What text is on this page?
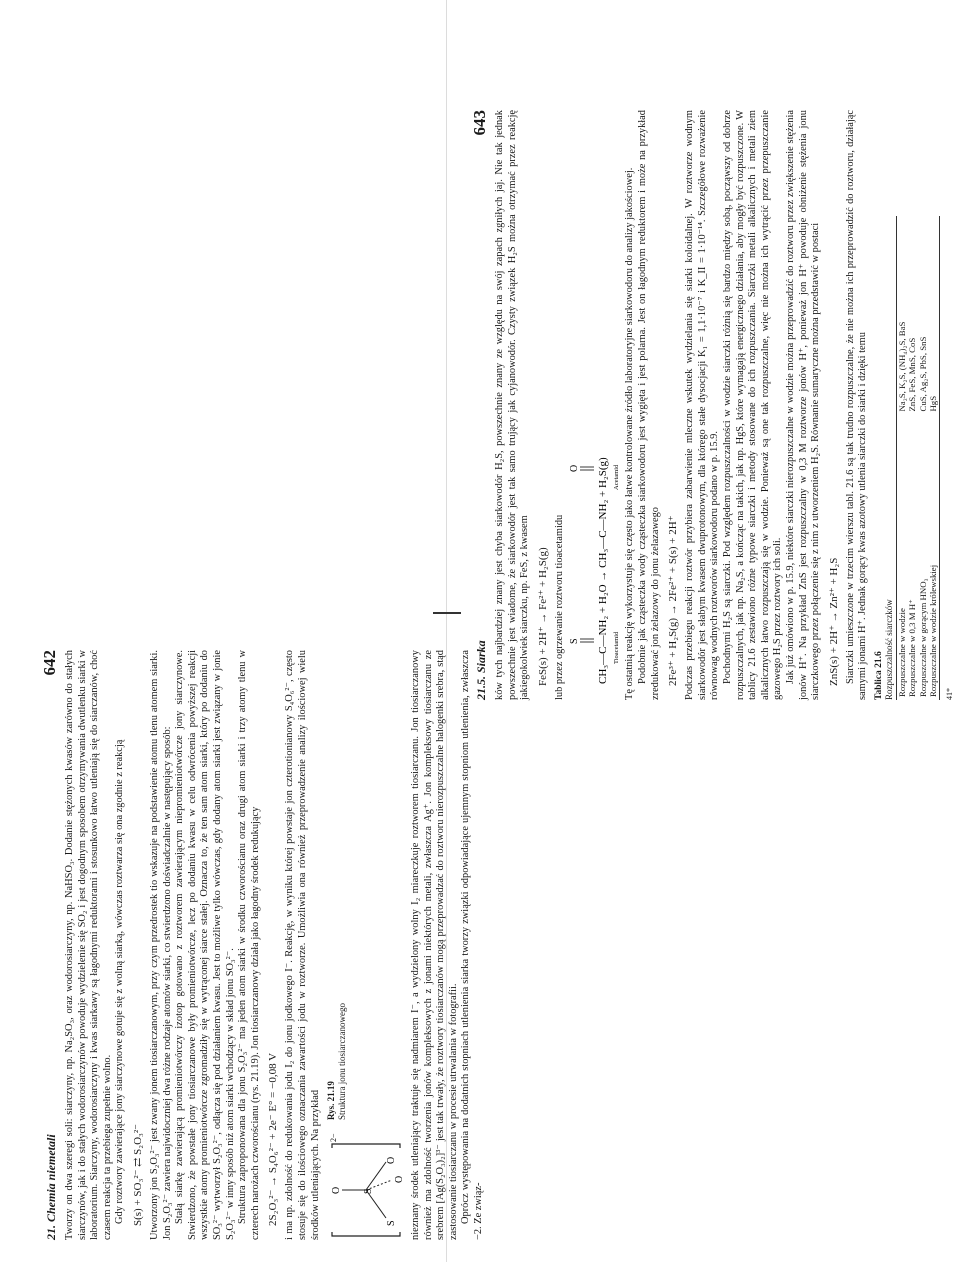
21. Chemia niemetali
642 Tworzy on dwa szeregi soli: siarczyny, np. Na₂SO₃, oraz wodorosiarczyny, np. NaHSO₃. Dodanie stężonych kwasów zarówno do stałych siarczynów, jak i do stałych wodorosiarczynów powoduje wydzielenie się SO₂ i jest dogodnym sposobem otrzymywania dwutlenku siarki w laboratorium. Siarczyny, wodorosiarczyny i kwas siarkawy są łagodnymi reduktorami i stosunkowo łatwo utleniają się do siarczanów, choć czasem reakcja ta przebiega zupełnie wolno. Gdy roztwory zawierające jony siarczynowe gotuje się z wolną siarką, wówczas roztwarza się ona zgodnie z reakcją S(s) + SO₃²⁻ ⇄ S₂O₃²⁻ Utworzony jon S₂O₃²⁻ jest zwany jonem tiosiarczanowym, przy czym przedrostek tio wskazuje na podstawienie atomu tlenu atomem siarki. Jon S₂O₃²⁻ zawiera najwidoczniej dwa różne rodzaje atomów siarki, co stwierdzono doświadczalnie w następujący sposób: Stałą siarkę zawierającą promieniotwórczy izotop gotowano z roztworem zawierającym niepromieniotwórcze jony siarczynowe. Stwierdzono, że powstałe jony tiosiarczanowe były promieniotwórcze, lecz po dodaniu kwasu w celu odwrócenia powyższej reakcji wszystkie atomy promieniotwórcze zgromadziły się w wytrąconej siarce stałej. Oznacza to, że ten sam atom siarki, który po dodaniu do SO₃²⁻ wytworzył S₂O₃²⁻, odłącza się pod działaniem kwasu. Jest to możliwe tylko wówczas, gdy dodany atom siarki jest związany w jonie S₂O₃²⁻ w inny sposób niż atom siarki wchodzący w skład jonu SO₃²⁻. Struktura zaproponowana dla jonu S₂O₃²⁻ ma jeden atom siarki w środku czworościanu oraz drugi atom siarki i trzy atomy tlenu w czterech narożach czworościanu (rys. 21.19). Jon tiosiarczanowy działa jako łagodny środek redukujący 2S₂O₃²⁻ → S₄O₆²⁻ + 2e⁻ E° = −0,08 V i ma np. zdolność do redukowania jodu I₂ do jonu jodkowego I⁻. Reakcję, w wyniku której powstaje jon czterotionianowy S₄O₆²⁻, często stosuje się do ilościowego oznaczania zawartości jodu w roztworze. Umożliwia ona również przeprowadzenie analizy ilościowej wielu środków utleniających. Na przykład	S
O
S
O
O
2−
Rys. 21.19 Struktura jonu tiosiarczanowego	nieznany środek utleniający traktuje się nadmiarem I⁻, a wydzielony wolny I₂ miareczkuje roztworem tiosiarczanu. Jon tiosiarczanowy również ma zdolność tworzenia jonów kompleksowych z jonami niektórych metali, zwłaszcza Ag⁺. Jon kompleksowy tiosiarczanu ze srebrem [Ag(S₂O₃)₂]³⁻ jest tak trwały, że roztwory tiosiarczanów mogą przeprowadzać do roztworu nierozpuszczalne halogenki srebra, stąd zastosowanie tiosiarczanu w procesie utrwalania w fotografii. Oprócz występowania na dodatnich stopniach utlenienia siarka tworzy związki odpowiadające ujemnym stopniom utlenienia, zwłaszcza −2. Ze związ-

21.5. Siarka
643 ków tych najbardziej znany jest chyba siarkowodór H₂S, powszechnie znany ze względu na swój zapach zgniłych jaj. Nie tak jednak powszechnie jest wiadome, że siarkowodór jest tak samo trujący jak cyjanowodór. Czysty związek H₂S można otrzymać przez reakcję jakiegokolwiek siarczku, np. FeS, z kwasem FeS(s) + 2H⁺ → Fe²⁺ + H₂S(g) lub przez ogrzewanie roztworu tioacetamidu S
O CH₃—C—NH₂ + H₂O → CH₃—C—NH₂ + H₂S(g) Tioacetamid
Acetamid Tę ostatnią reakcję wykorzystuje się często jako łatwe kontrolowane źródło laboratoryjne siarkowodoru do analizy jakościowej. Podobnie jak cząsteczka wody cząsteczka siarkowodoru jest wygięta i jest polarna. Jest on łagodnym reduktorem i może na przykład zredukować jon żelazowy do jonu żelazawego 2Fe³⁺ + H₂S(g) → 2Fe²⁺ + S(s) + 2H⁺ Podczas przebiegu reakcji roztwór przybiera zabarwienie mleczne wskutek wydzielania się siarki koloidalnej. W roztworze wodnym siarkowodór jest słabym kwasem dwuprotonowym, dla którego stałe dysocjacji K₁ = 1,1·10⁻⁷ i K_II = 1·10⁻¹⁴. Szczegółowe rozważenie równowag wodnych roztworów siarkowodoru podano w p. 15.9. Pochodnymi H₂S są siarczki. Pod względem rozpuszczalności w wodzie siarczki różnią się bardzo między sobą, począwszy od dobrze rozpuszczalnych, jak np. Na₂S, a kończąc na takich, jak np. HgS, które wymagają energicznego działania, aby mogły być rozpuszczone. W tablicy 21.6 zestawiono różne typowe siarczki i metody stosowane do ich rozpuszczania. Siarczki metali alkalicznych i metali ziem alkalicznych łatwo rozpuszczają się w wodzie. Ponieważ są one tak rozpuszczalne, więc nie można ich wytrącić przez przepuszczanie gazowego H₂S przez roztwory ich soli. Jak już omówiono w p. 15.9, niektóre siarczki nierozpuszczalne w wodzie można przeprowadzić do roztworu przez zwiększenie stężenia jonów H⁺. Na przykład ZnS jest rozpuszczalny w 0,3 M roztworze jonów H⁺, ponieważ jon H⁺ powoduje obniżenie stężenia jonu siarczkowego przez połączenie się z nim z utworzeniem H₂S. Równanie sumaryczne można przedstawić w postaci ZnS(s) + 2H⁺ → Zn²⁺ + H₂S Siarczki umieszczone w trzecim wierszu tabl. 21.6 są tak trudno rozpuszczalne, że nie można ich przeprowadzić do roztworu, działając samymi jonami H⁺. Jednak gorący kwas azotowy utlenia siarczki do siarki i dzięki temu Tablica 21.6 Rozpuszczalność siarczków Rozpuszczalne w wodzie	Na₂S, K₂S, (NH₄)₂S, BaS
Rozpuszczalne w 0,3 M H⁺	ZnS, FeS, MnS, CoS
Rozpuszczalne w gorącym HNO₃	CuS, Ag₂S, PbS, SnS
Rozpuszczalne w wodzie królewskiej	HgS
41*
